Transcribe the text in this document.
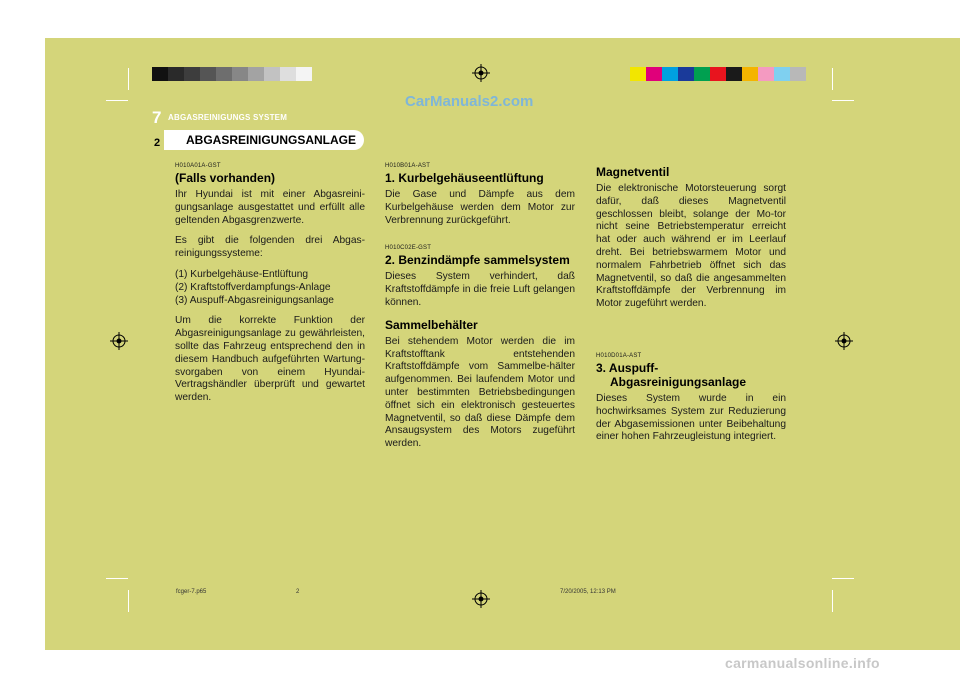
CarManuals2.com
7 ABGASREINIGUNGS SYSTEM
2	ABGASREINIGUNGSANLAGE
H010A01A-GST
(Falls vorhanden)
Ihr Hyundai ist mit einer Abgasreini-gungsanlage ausgestattet und erfüllt alle geltenden Abgasgrenzwerte.
Es gibt die folgenden drei Abgas-reinigungssysteme:
(1) Kurbelgehäuse-Entlüftung
(2) Kraftstoffverdampfungs-Anlage
(3) Auspuff-Abgasreinigungsanlage
Um die korrekte Funktion der Abgasreinigungsanlage zu gewährleisten, sollte das Fahrzeug entsprechend den in diesem Handbuch aufgeführten Wartung-svorgaben von einem Hyundai-Vertragshändler überprüft und gewartet werden.
H010B01A-AST
1. Kurbelgehäuseentlüftung
Die Gase und Dämpfe aus dem Kurbelgehäuse werden dem Motor zur Verbrennung zurückgeführt.
H010C02E-GST
2. Benzindämpfe sammelsystem
Dieses System verhindert, daß Kraftstoffdämpfe in die freie Luft gelangen können.
Sammelbehälter
Bei stehendem Motor werden die im Kraftstofftank entstehenden Kraftstoffdämpfe vom Sammelbe-hälter aufgenommen. Bei laufendem Motor und unter bestimmten Betriebsbedingungen öffnet sich ein elektronisch gesteuertes Magnetventil, so daß diese Dämpfe dem Ansaugsystem des Motors zugeführt werden.
Magnetventil
Die elektronische Motorsteuerung sorgt dafür, daß dieses Magnetventil geschlossen bleibt, solange der Mo-tor nicht seine Betriebstemperatur erreicht hat oder auch während er im Leerlauf dreht. Bei betriebswarmem Motor und normalem Fahrbetrieb öffnet sich das Magnetventil, so daß die angesammelten Kraftstoffdämpfe der Verbrennung im Motor zugeführt werden.
H010D01A-AST
3. Auspuff-
Abgasreinigungsanlage
Dieses System wurde in ein hochwirksames System zur Reduzierung der Abgasemissionen unter Beibehaltung einer hohen Fahrzeugleistung integriert.
fcger-7.p65	2	7/20/2005, 12:13 PM
carmanualsonline.info
